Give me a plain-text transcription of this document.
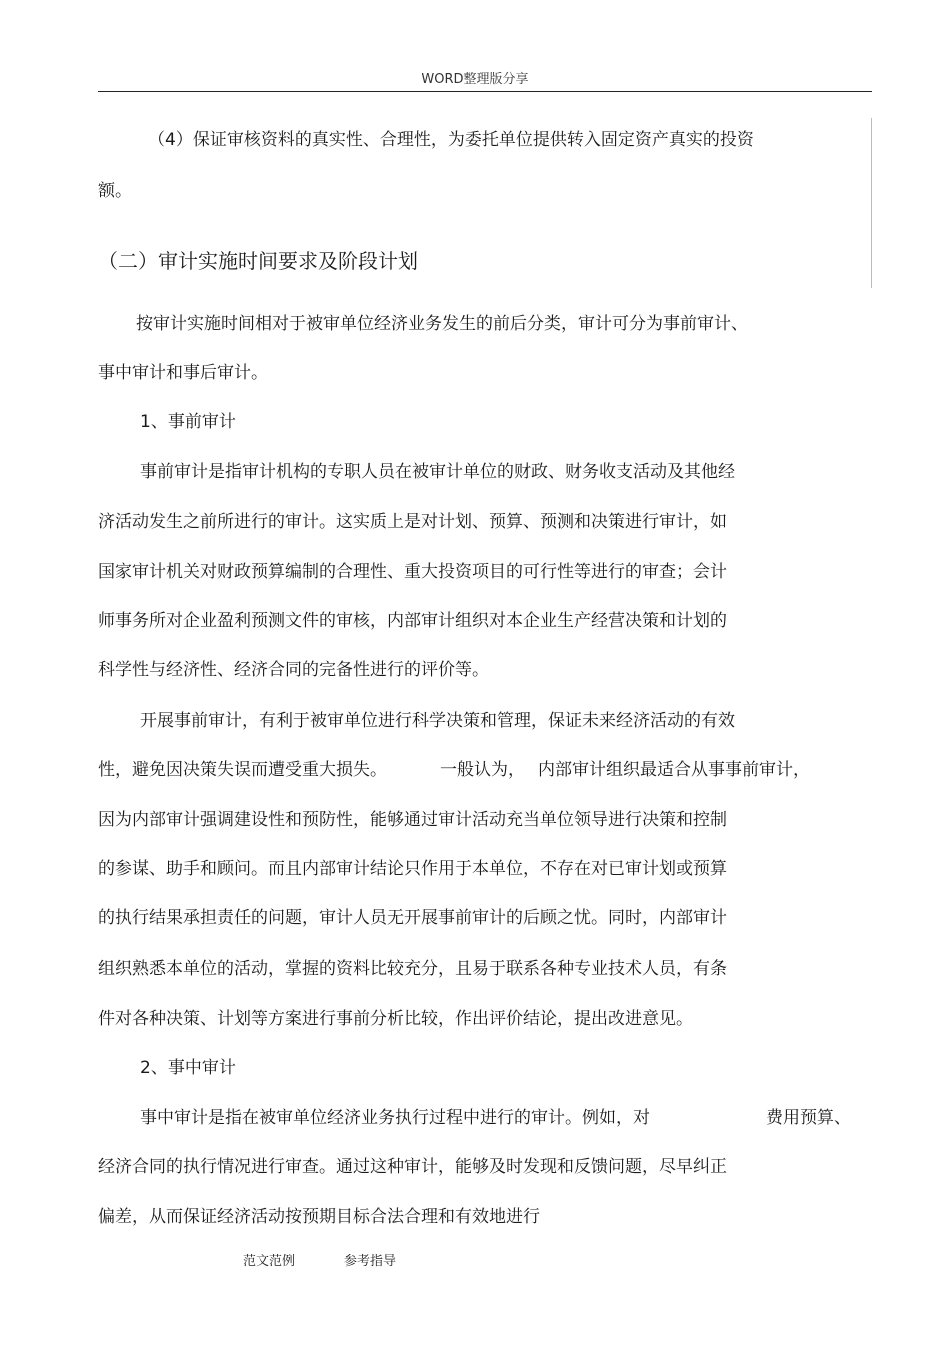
WORD整理版分享
（4）保证审核资料的真实性、合理性，为委托单位提供转入固定资产真实的投资
额。
（二）审计实施时间要求及阶段计划
按审计实施时间相对于被审单位经济业务发生的前后分类，审计可分为事前审计、
事中审计和事后审计。
1、事前审计
事前审计是指审计机构的专职人员在被审计单位的财政、财务收支活动及其他经
济活动发生之前所进行的审计。这实质上是对计划、预算、预测和决策进行审计，如
国家审计机关对财政预算编制的合理性、重大投资项目的可行性等进行的审查；会计
师事务所对企业盈利预测文件的审核，内部审计组织对本企业生产经营决策和计划的
科学性与经济性、经济合同的完备性进行的评价等。
开展事前审计，有利于被审单位进行科学决策和管理，保证未来经济活动的有效
性，避免因决策失误而遭受重大损失。	一般认为， 内部审计组织最适合从事事前审计，
因为内部审计强调建设性和预防性，能够通过审计活动充当单位领导进行决策和控制
的参谋、助手和顾问。而且内部审计结论只作用于本单位，不存在对已审计划或预算
的执行结果承担责任的问题，审计人员无开展事前审计的后顾之忧。同时，内部审计
组织熟悉本单位的活动，掌握的资料比较充分，且易于联系各种专业技术人员，有条
件对各种决策、计划等方案进行事前分析比较，作出评价结论，提出改进意见。
2、事中审计
事中审计是指在被审单位经济业务执行过程中进行的审计。例如，对	费用预算、
经济合同的执行情况进行审查。通过这种审计，能够及时发现和反馈问题，尽早纠正
偏差，从而保证经济活动按预期目标合法合理和有效地进行
范文范例	参考指导
